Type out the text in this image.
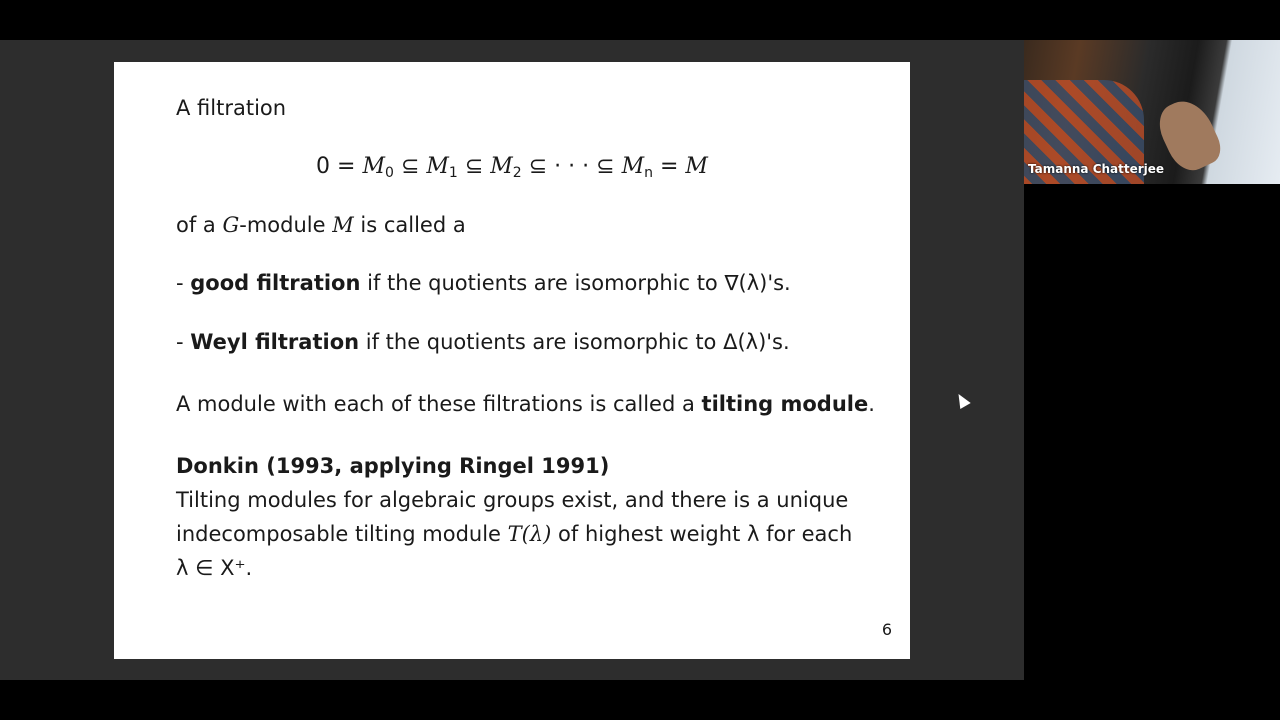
A filtration
$0 = M_0$ ⊆ $M_1$ ⊆ $M_2$ ⊆ · · · ⊆ $M_n = M$
of a G-module M is called a
- good filtration if the quotients are isomorphic to ∇(λ)'s.
- Weyl filtration if the quotients are isomorphic to Δ(λ)'s.
A module with each of these filtrations is called a tilting module.
Donkin (1993, applying Ringel 1991)
Tilting modules for algebraic groups exist, and there is a unique
indecomposable tilting module T(λ) of highest weight λ for each
λ ∈ X⁺.
6
Tamanna Chatterjee
